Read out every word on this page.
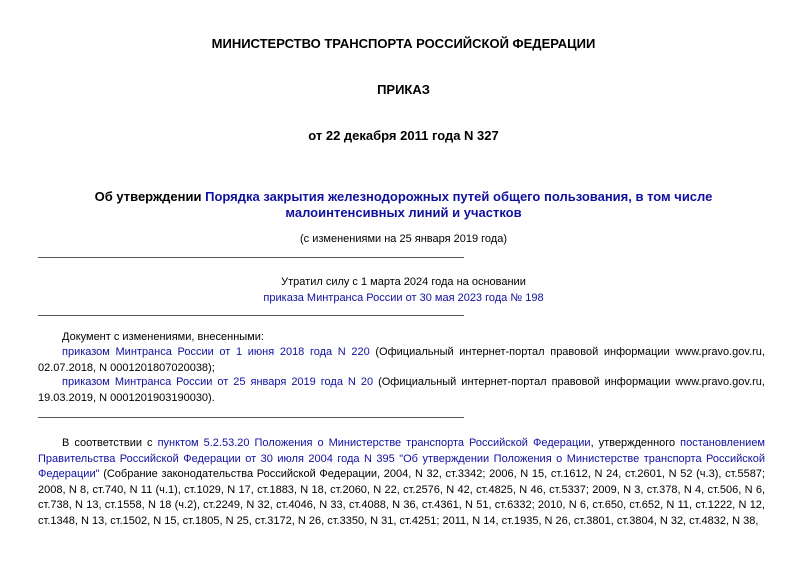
МИНИСТЕРСТВО ТРАНСПОРТА РОССИЙСКОЙ ФЕДЕРАЦИИ
ПРИКАЗ
от 22 декабря 2011 года N 327
Об утверждении Порядка закрытия железнодорожных путей общего пользования, в том числе
малоинтенсивных линий и участков
(с изменениями на 25 января 2019 года)
Утратил силу с 1 марта 2024 года на основании
приказа Минтранса России от 30 мая 2023 года № 198
Документ с изменениями, внесенными:
приказом Минтранса России от 1 июня 2018 года N 220 (Официальный интернет-портал правовой информации www.pravo.gov.ru, 02.07.2018, N 0001201807020038);
приказом Минтранса России от 25 января 2019 года N 20 (Официальный интернет-портал правовой информации www.pravo.gov.ru, 19.03.2019, N 0001201903190030).
В соответствии с пунктом 5.2.53.20 Положения о Министерстве транспорта Российской Федерации, утвержденного постановлением Правительства Российской Федерации от 30 июля 2004 года N 395 "Об утверждении Положения о Министерстве транспорта Российской Федерации" (Собрание законодательства Российской Федерации, 2004, N 32, ст.3342; 2006, N 15, ст.1612, N 24, ст.2601, N 52 (ч.3), ст.5587; 2008, N 8, ст.740, N 11 (ч.1), ст.1029, N 17, ст.1883, N 18, ст.2060, N 22, ст.2576, N 42, ст.4825, N 46, ст.5337; 2009, N 3, ст.378, N 4, ст.506, N 6, ст.738, N 13, ст.1558, N 18 (ч.2), ст.2249, N 32, ст.4046, N 33, ст.4088, N 36, ст.4361, N 51, ст.6332; 2010, N 6, ст.650, ст.652, N 11, ст.1222, N 12, ст.1348, N 13, ст.1502, N 15, ст.1805, N 25, ст.3172, N 26, ст.3350, N 31, ст.4251; 2011, N 14, ст.1935, N 26, ст.3801, ст.3804, N 32, ст.4832, N 38,
